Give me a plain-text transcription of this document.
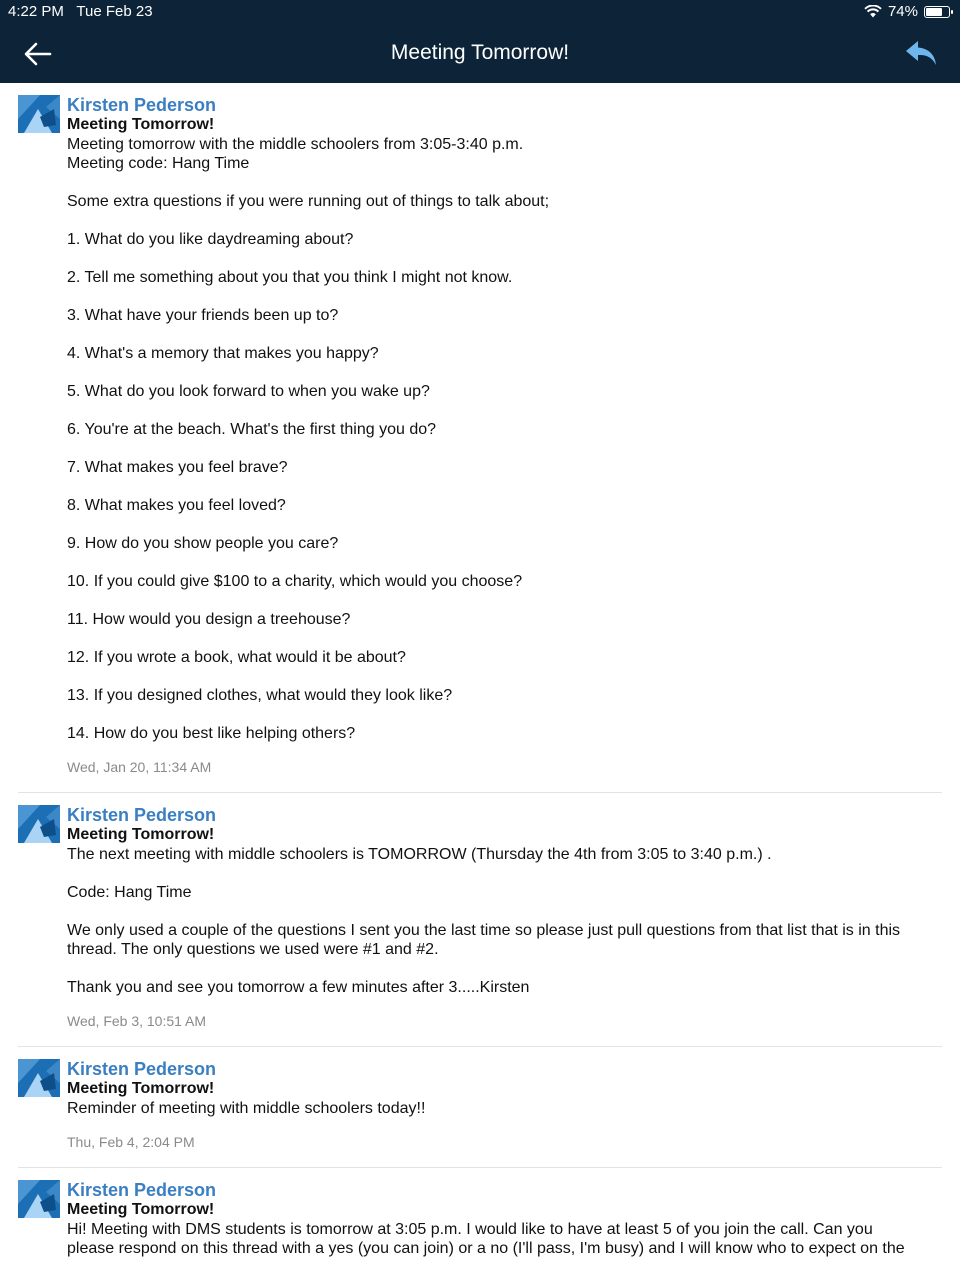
4:22 PM Tue Feb 23	74%
Meeting Tomorrow!
Kirsten Pederson
Meeting Tomorrow!

Meeting tomorrow with the middle schoolers from 3:05-3:40 p.m.

Meeting code: Hang Time

Some extra questions if you were running out of things to talk about;

1. What do you like daydreaming about?

2. Tell me something about you that you think I might not know.

3. What have your friends been up to?

4. What's a memory that makes you happy?

5. What do you look forward to when you wake up?

6. You're at the beach. What's the first thing you do?

7. What makes you feel brave?

8. What makes you feel loved?

9. How do you show people you care?

10. If you could give $100 to a charity, which would you choose?

11. How would you design a treehouse?

12. If you wrote a book, what would it be about?

13. If you designed clothes, what would they look like?

14. How do you best like helping others?

Wed, Jan 20, 11:34 AM
Kirsten Pederson
Meeting Tomorrow!

The next meeting with middle schoolers is TOMORROW (Thursday the 4th from 3:05 to 3:40 p.m.) .

Code: Hang Time

We only used a couple of the questions I sent you the last time so please just pull questions from that list that is in this

thread. The only questions we used were #1 and #2.

Thank you and see you tomorrow a few minutes after 3.....Kirsten

Wed, Feb 3, 10:51 AM
Kirsten Pederson
Meeting Tomorrow!

Reminder of meeting with middle schoolers today!!

Thu, Feb 4, 2:04 PM
Kirsten Pederson
Meeting Tomorrow!

Hi! Meeting with DMS students is tomorrow at 3:05 p.m. I would like to have at least 5 of you join the call. Can you

please respond on this thread with a yes (you can join) or a no (I'll pass, I'm busy) and I will know who to expect on the
